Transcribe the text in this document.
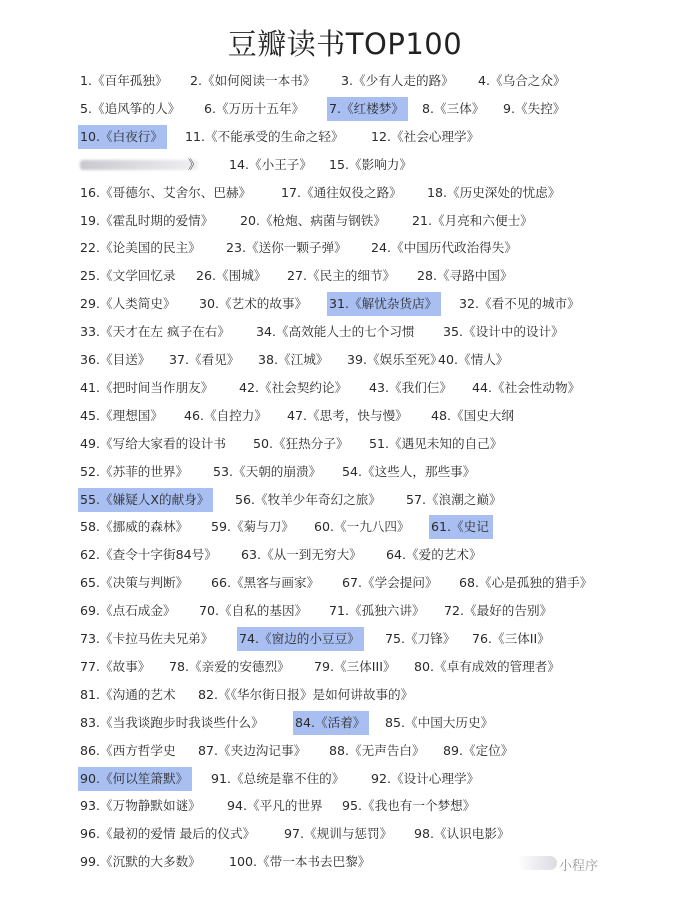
豆瓣读书TOP100
1.《百年孤独》 2.《如何阅读一本书》 3.《少有人走的路》 4.《乌合之众》
5.《追风筝的人》 6.《万历十五年》 7.《红楼梦》	8.《三体》 9.《失控》
10.《白夜行》	11.《不能承受的生命之轻》 12.《社会心理学》
》 14.《小王子》 15.《影响力》
16.《哥德尔、艾舍尔、巴赫》 17.《通往奴役之路》 18.《历史深处的忧虑》
19.《霍乱时期的爱情》 20.《枪炮、病菌与钢铁》 21.《月亮和六便士》
22.《论美国的民主》 23.《送你一颗子弹》 24.《中国历代政治得失》
25.《文学回忆录 26.《围城》 27.《民主的细节》 28.《寻路中国》
29.《人类简史》 30.《艺术的故事》 31.《解忧杂货店》	32.《看不见的城市》
33.《天才在左 疯子在右》 34.《高效能人士的七个习惯 35.《设计中的设计》
36.《目送》 37.《看见》 38.《江城》 39.《娱乐至死》
40.《情人》
41.《把时间当作朋友》 42.《社会契约论》 43.《我们仨》 44.《社会性动物》
45.《理想国》 46.《自控力》 47.《思考，快与慢》 48.《国史大纲
49.《写给大家看的设计书 50.《狂热分子》 51.《遇见未知的自己》
52.《苏菲的世界》 53.《天朝的崩溃》 54.《这些人，那些事》
55.《嫌疑人X的献身》	56.《牧羊少年奇幻之旅》 57.《浪潮之巅》
58.《挪威的森林》 59.《菊与刀》 60.《一九八四》 61.《史记
62.《查令十字街84号》 63.《从一到无穷大》 64.《爱的艺术》
65.《决策与判断》 66.《黑客与画家》 67.《学会提问》 68.《心是孤独的猎手》
69.《点石成金》 70.《自私的基因》 71.《孤独六讲》 72.《最好的告别》
73.《卡拉马佐夫兄弟》 74.《窗边的小豆豆》	75.《刀锋》 76.《三体II》
77.《故事》 78.《亲爱的安德烈》 79.《三体III》 80.《卓有成效的管理者》
81.《沟通的艺术 82.《《华尔街日报》是如何讲故事的》
83.《当我谈跑步时我谈些什么》 84.《活着》	85.《中国大历史》
86.《西方哲学史 87.《夹边沟记事》 88.《无声告白》 89.《定位》
90.《何以笙箫默》	91.《总统是靠不住的》 92.《设计心理学》
93.《万物静默如谜》 94.《平凡的世界 95.《我也有一个梦想》
96.《最初的爱情 最后的仪式》 97.《规训与惩罚》 98.《认识电影》
99.《沉默的大多数》 100.《带一本书去巴黎》	小程序
